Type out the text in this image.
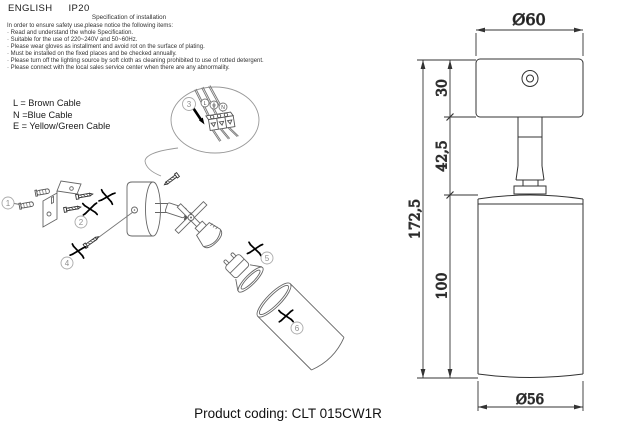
ENGLISH IP20
Specification of installation
In order to ensure safety use,please notice the following items:
· Read and understand the whole Specification.
· Suitable for the use of 220~240V and 50~60Hz.
· Please wear gloves as installment and avoid rot on the surface of plating.
· Must be installed on the fixed places and be checked annually.
· Please turn off the lighting source by soft cloth as cleaning prohibited to use of rotted detergent.
· Please connect with the local sales service center when there are any abnormality.
L = Brown Cable
N =Blue Cable
E = Yellow/Green Cable
L
N
3
1
2
4
5
6
Ø60
Ø56
30
42,5
100
172,5
Product coding: CLT 015CW1R
